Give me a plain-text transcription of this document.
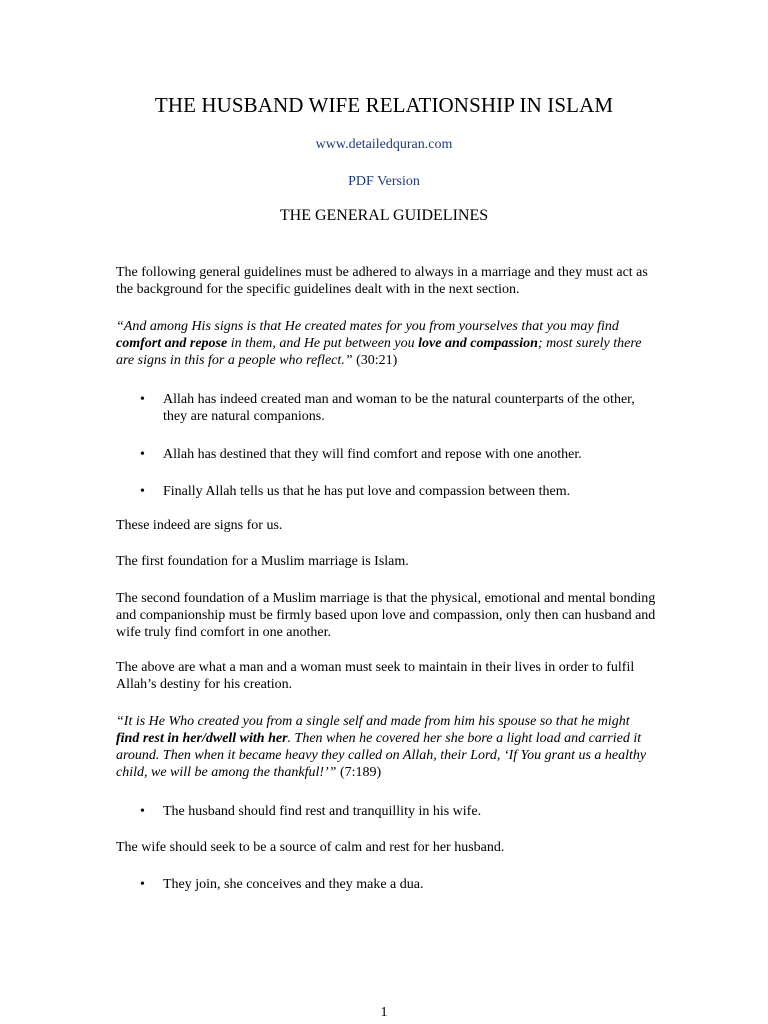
THE HUSBAND WIFE RELATIONSHIP IN ISLAM
www.detailedquran.com
PDF Version
THE GENERAL GUIDELINES

The following general guidelines must be adhered to always in a marriage and they must act as the background for the specific guidelines dealt with in the next section.

“And among His signs is that He created mates for you from yourselves that you may find comfort and repose in them, and He put between you love and compassion; most surely there are signs in this for a people who reflect.” (30:21)

•	Allah has indeed created man and woman to be the natural counterparts of the other, they are natural companions.
•	Allah has destined that they will find comfort and repose with one another.
•	Finally Allah tells us that he has put love and compassion between them.

These indeed are signs for us.

The first foundation for a Muslim marriage is Islam.

The second foundation of a Muslim marriage is that the physical, emotional and mental bonding and companionship must be firmly based upon love and compassion, only then can husband and wife truly find comfort in one another.

The above are what a man and a woman must seek to maintain in their lives in order to fulfil Allah’s destiny for his creation.

“It is He Who created you from a single self and made from him his spouse so that he might find rest in her/dwell with her. Then when he covered her she bore a light load and carried it around. Then when it became heavy they called on Allah, their Lord, ‘If You grant us a healthy child, we will be among the thankful!’” (7:189)

•	The husband should find rest and tranquillity in his wife.

The wife should seek to be a source of calm and rest for her husband.

•	They join, she conceives and they make a dua.
1
